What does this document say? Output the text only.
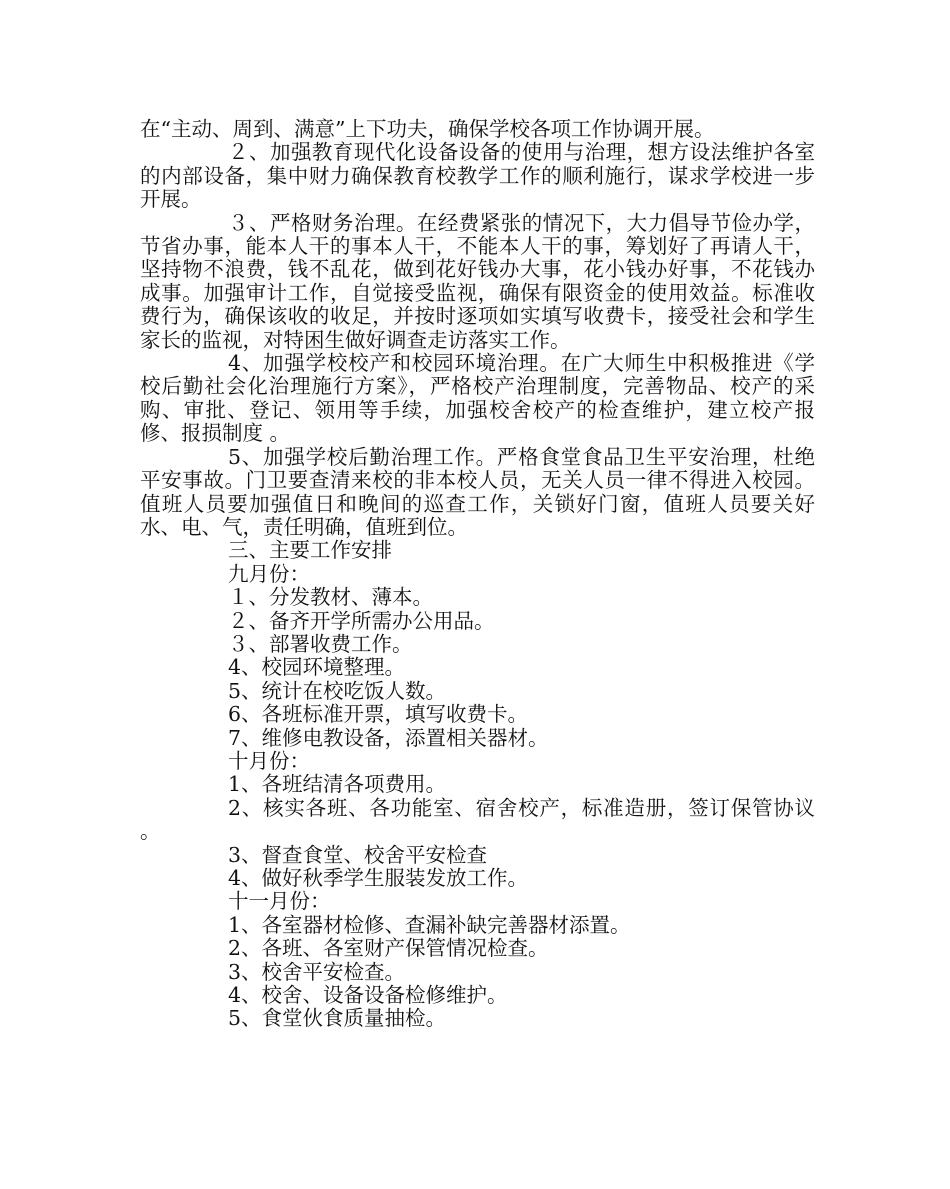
在“主动、周到、满意”上下功夫，确保学校各项工作协调开展。

２、加强教育现代化设备设备的使用与治理，想方设法维护各室的内部设备，集中财力确保教育校教学工作的顺利施行，谋求学校进一步开展。

３、严格财务治理。在经费紧张的情况下，大力倡导节俭办学，节省办事，能本人干的事本人干，不能本人干的事，筹划好了再请人干，坚持物不浪费，钱不乱花，做到花好钱办大事，花小钱办好事，不花钱办成事。加强审计工作，自觉接受监视，确保有限资金的使用效益。标准收费行为，确保该收的收足，并按时逐项如实填写收费卡，接受社会和学生家长的监视，对特困生做好调查走访落实工作。

4、加强学校校产和校园环境治理。在广大师生中积极推进《学校后勤社会化治理施行方案》，严格校产治理制度，完善物品、校产的采购、审批、登记、领用等手续，加强校舍校产的检查维护，建立校产报修、报损制度 。

5、加强学校后勤治理工作。严格食堂食品卫生平安治理，杜绝平安事故。门卫要查清来校的非本校人员，无关人员一律不得进入校园。值班人员要加强值日和晚间的巡查工作，关锁好门窗，值班人员要关好水、电、气，责任明确，值班到位。

三、主要工作安排

九月份：

１、分发教材、薄本。

２、备齐开学所需办公用品。

３、部署收费工作。

4、校园环境整理。

5、统计在校吃饭人数。

6、各班标准开票，填写收费卡。

7、维修电教设备，添置相关器材。

十月份：

1、各班结清各项费用。

2、核实各班、各功能室、宿舍校产，标准造册，签订保管协议 。

3、督查食堂、校舍平安检查

4、做好秋季学生服装发放工作。

十一月份：

1、各室器材检修、查漏补缺完善器材添置。

2、各班、各室财产保管情况检查。

3、校舍平安检查。

4、校舍、设备设备检修维护。

5、食堂伙食质量抽检。
